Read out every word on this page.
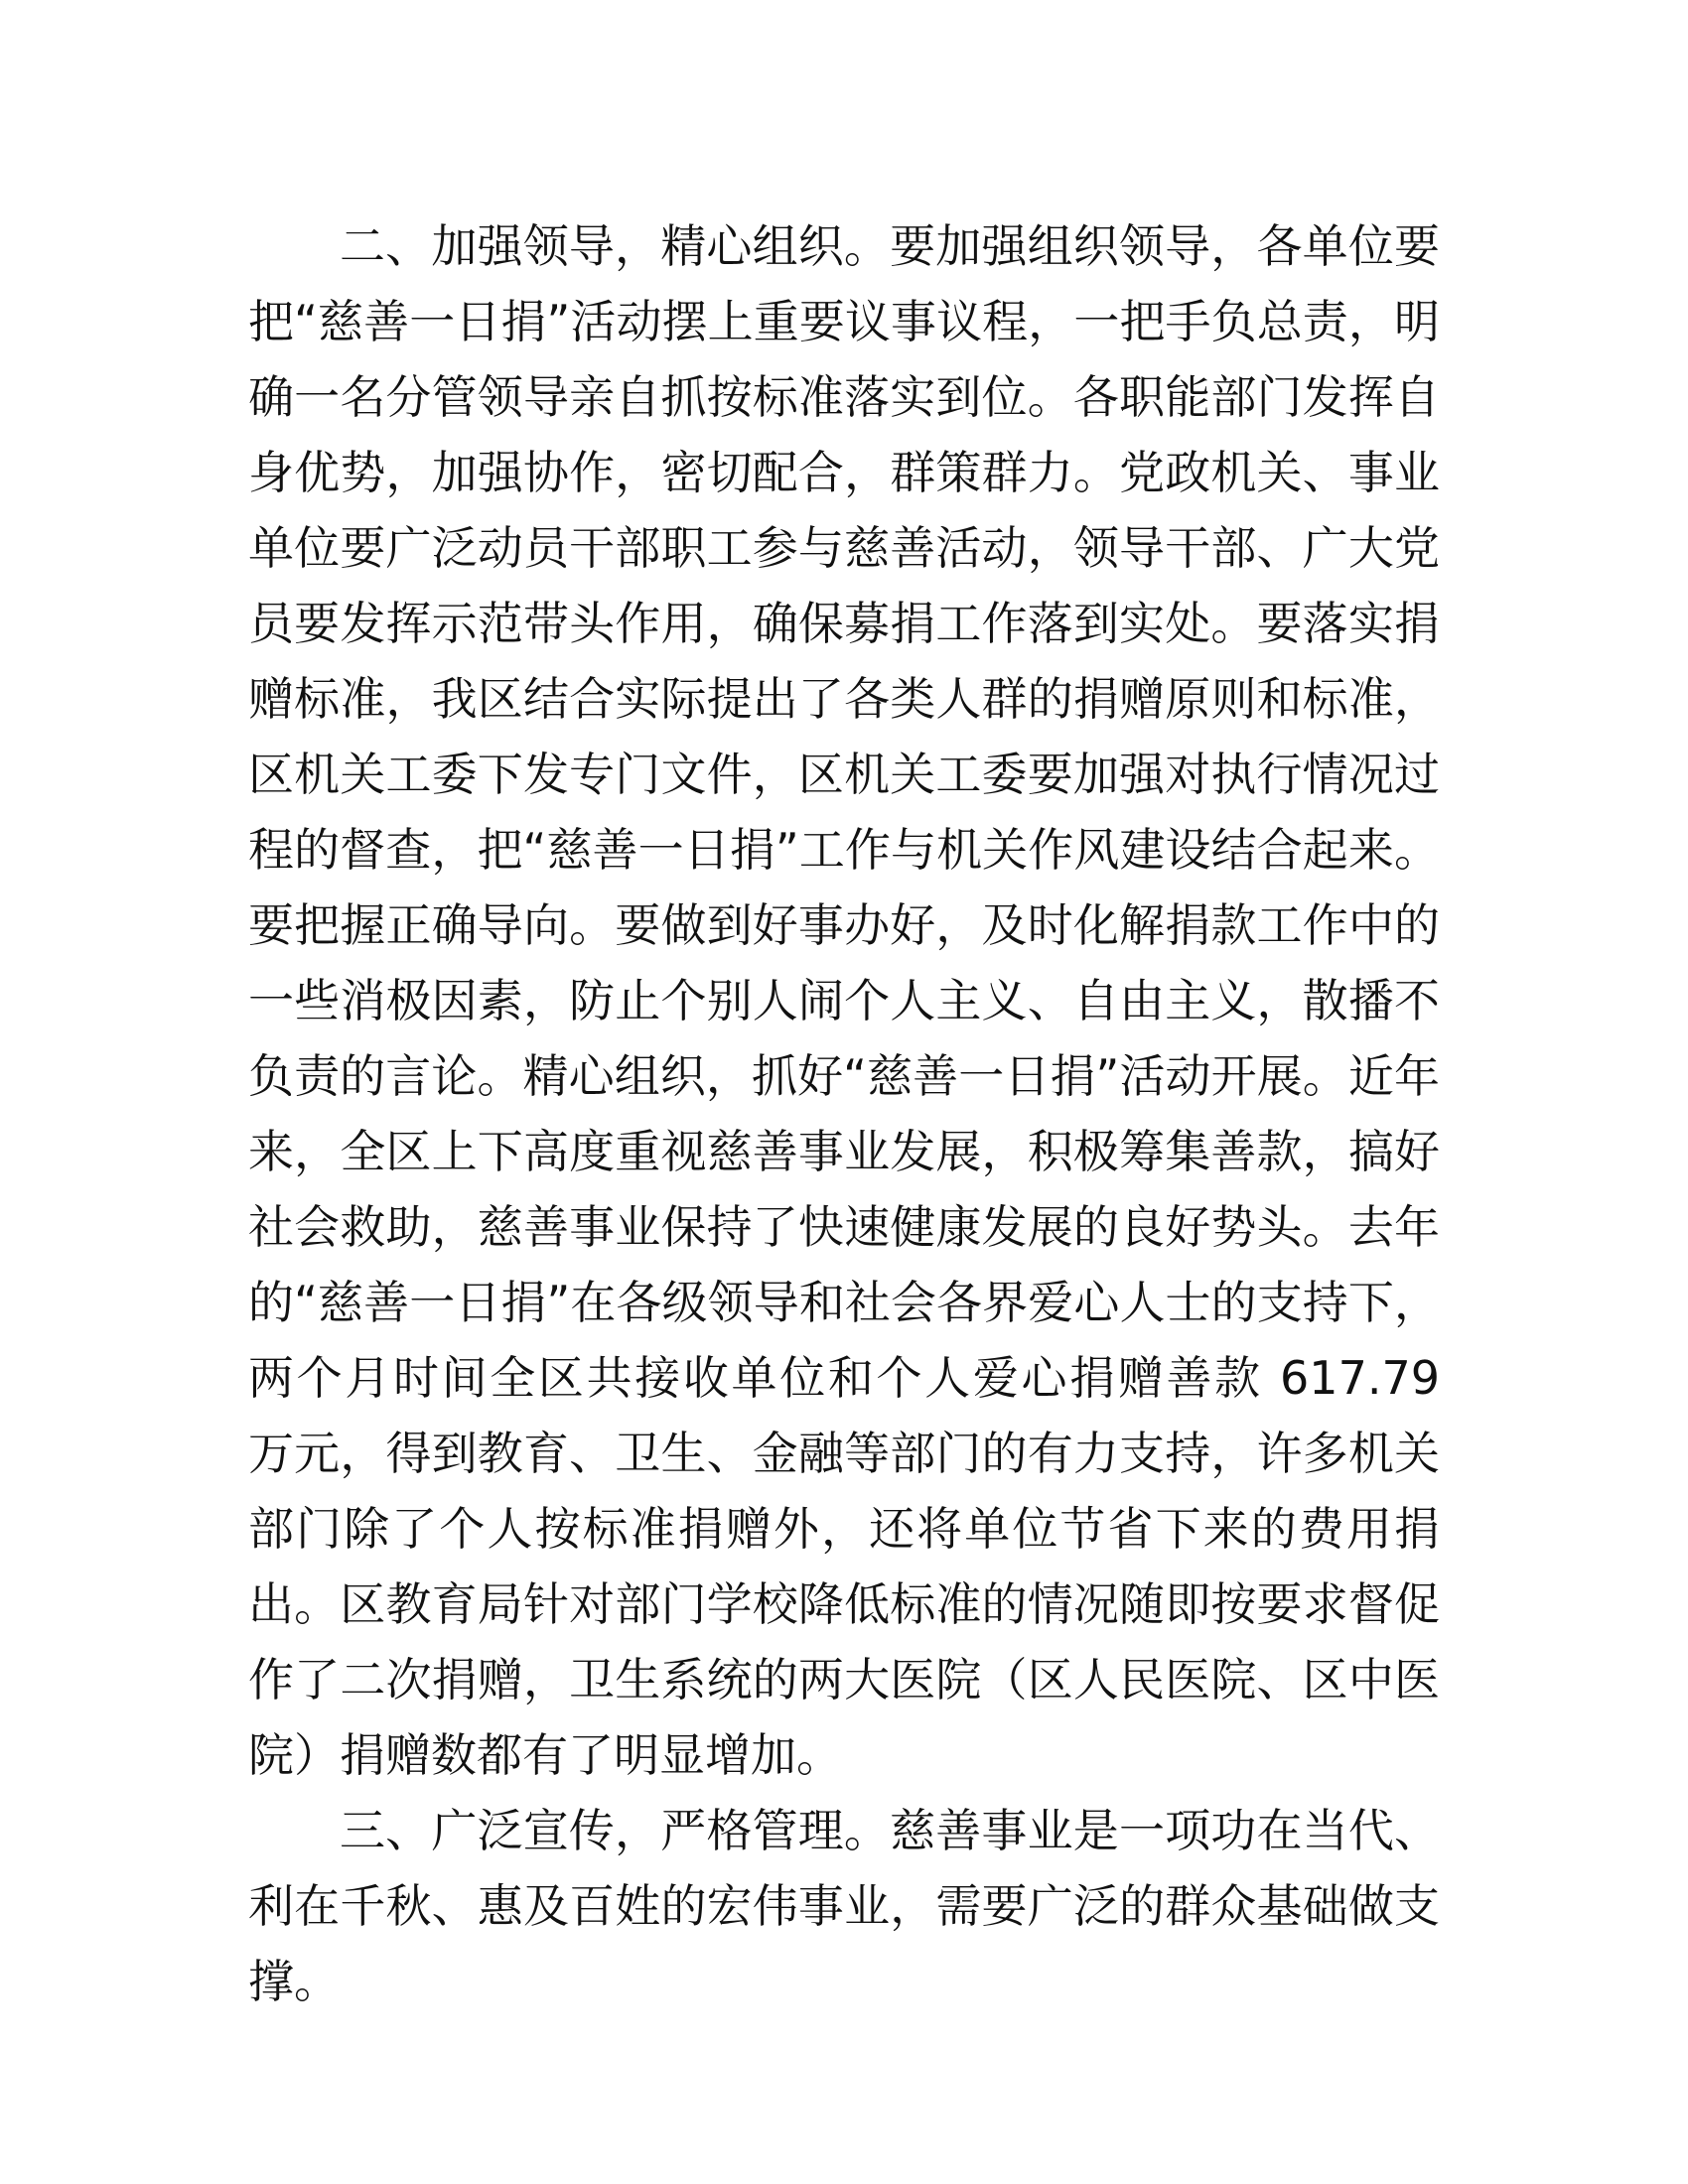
二、加强领导，精心组织。要加强组织领导，各单位要把“慈善一日捐”活动摆上重要议事议程，一把手负总责，明确一名分管领导亲自抓按标准落实到位。各职能部门发挥自身优势，加强协作，密切配合，群策群力。党政机关、事业单位要广泛动员干部职工参与慈善活动，领导干部、广大党员要发挥示范带头作用，确保募捐工作落到实处。要落实捐赠标准，我区结合实际提出了各类人群的捐赠原则和标准，区机关工委下发专门文件，区机关工委要加强对执行情况过程的督查，把“慈善一日捐”工作与机关作风建设结合起来。要把握正确导向。要做到好事办好，及时化解捐款工作中的一些消极因素，防止个别人闹个人主义、自由主义，散播不负责的言论。精心组织，抓好“慈善一日捐”活动开展。近年来，全区上下高度重视慈善事业发展，积极筹集善款，搞好社会救助，慈善事业保持了快速健康发展的良好势头。去年的“慈善一日捐”在各级领导和社会各界爱心人士的支持下，两个月时间全区共接收单位和个人爱心捐赠善款 617.79 万元，得到教育、卫生、金融等部门的有力支持，许多机关部门除了个人按标准捐赠外，还将单位节省下来的费用捐出。区教育局针对部门学校降低标准的情况随即按要求督促作了二次捐赠，卫生系统的两大医院（区人民医院、区中医院）捐赠数都有了明显增加。

三、广泛宣传，严格管理。慈善事业是一项功在当代、利在千秋、惠及百姓的宏伟事业，需要广泛的群众基础做支撑。
